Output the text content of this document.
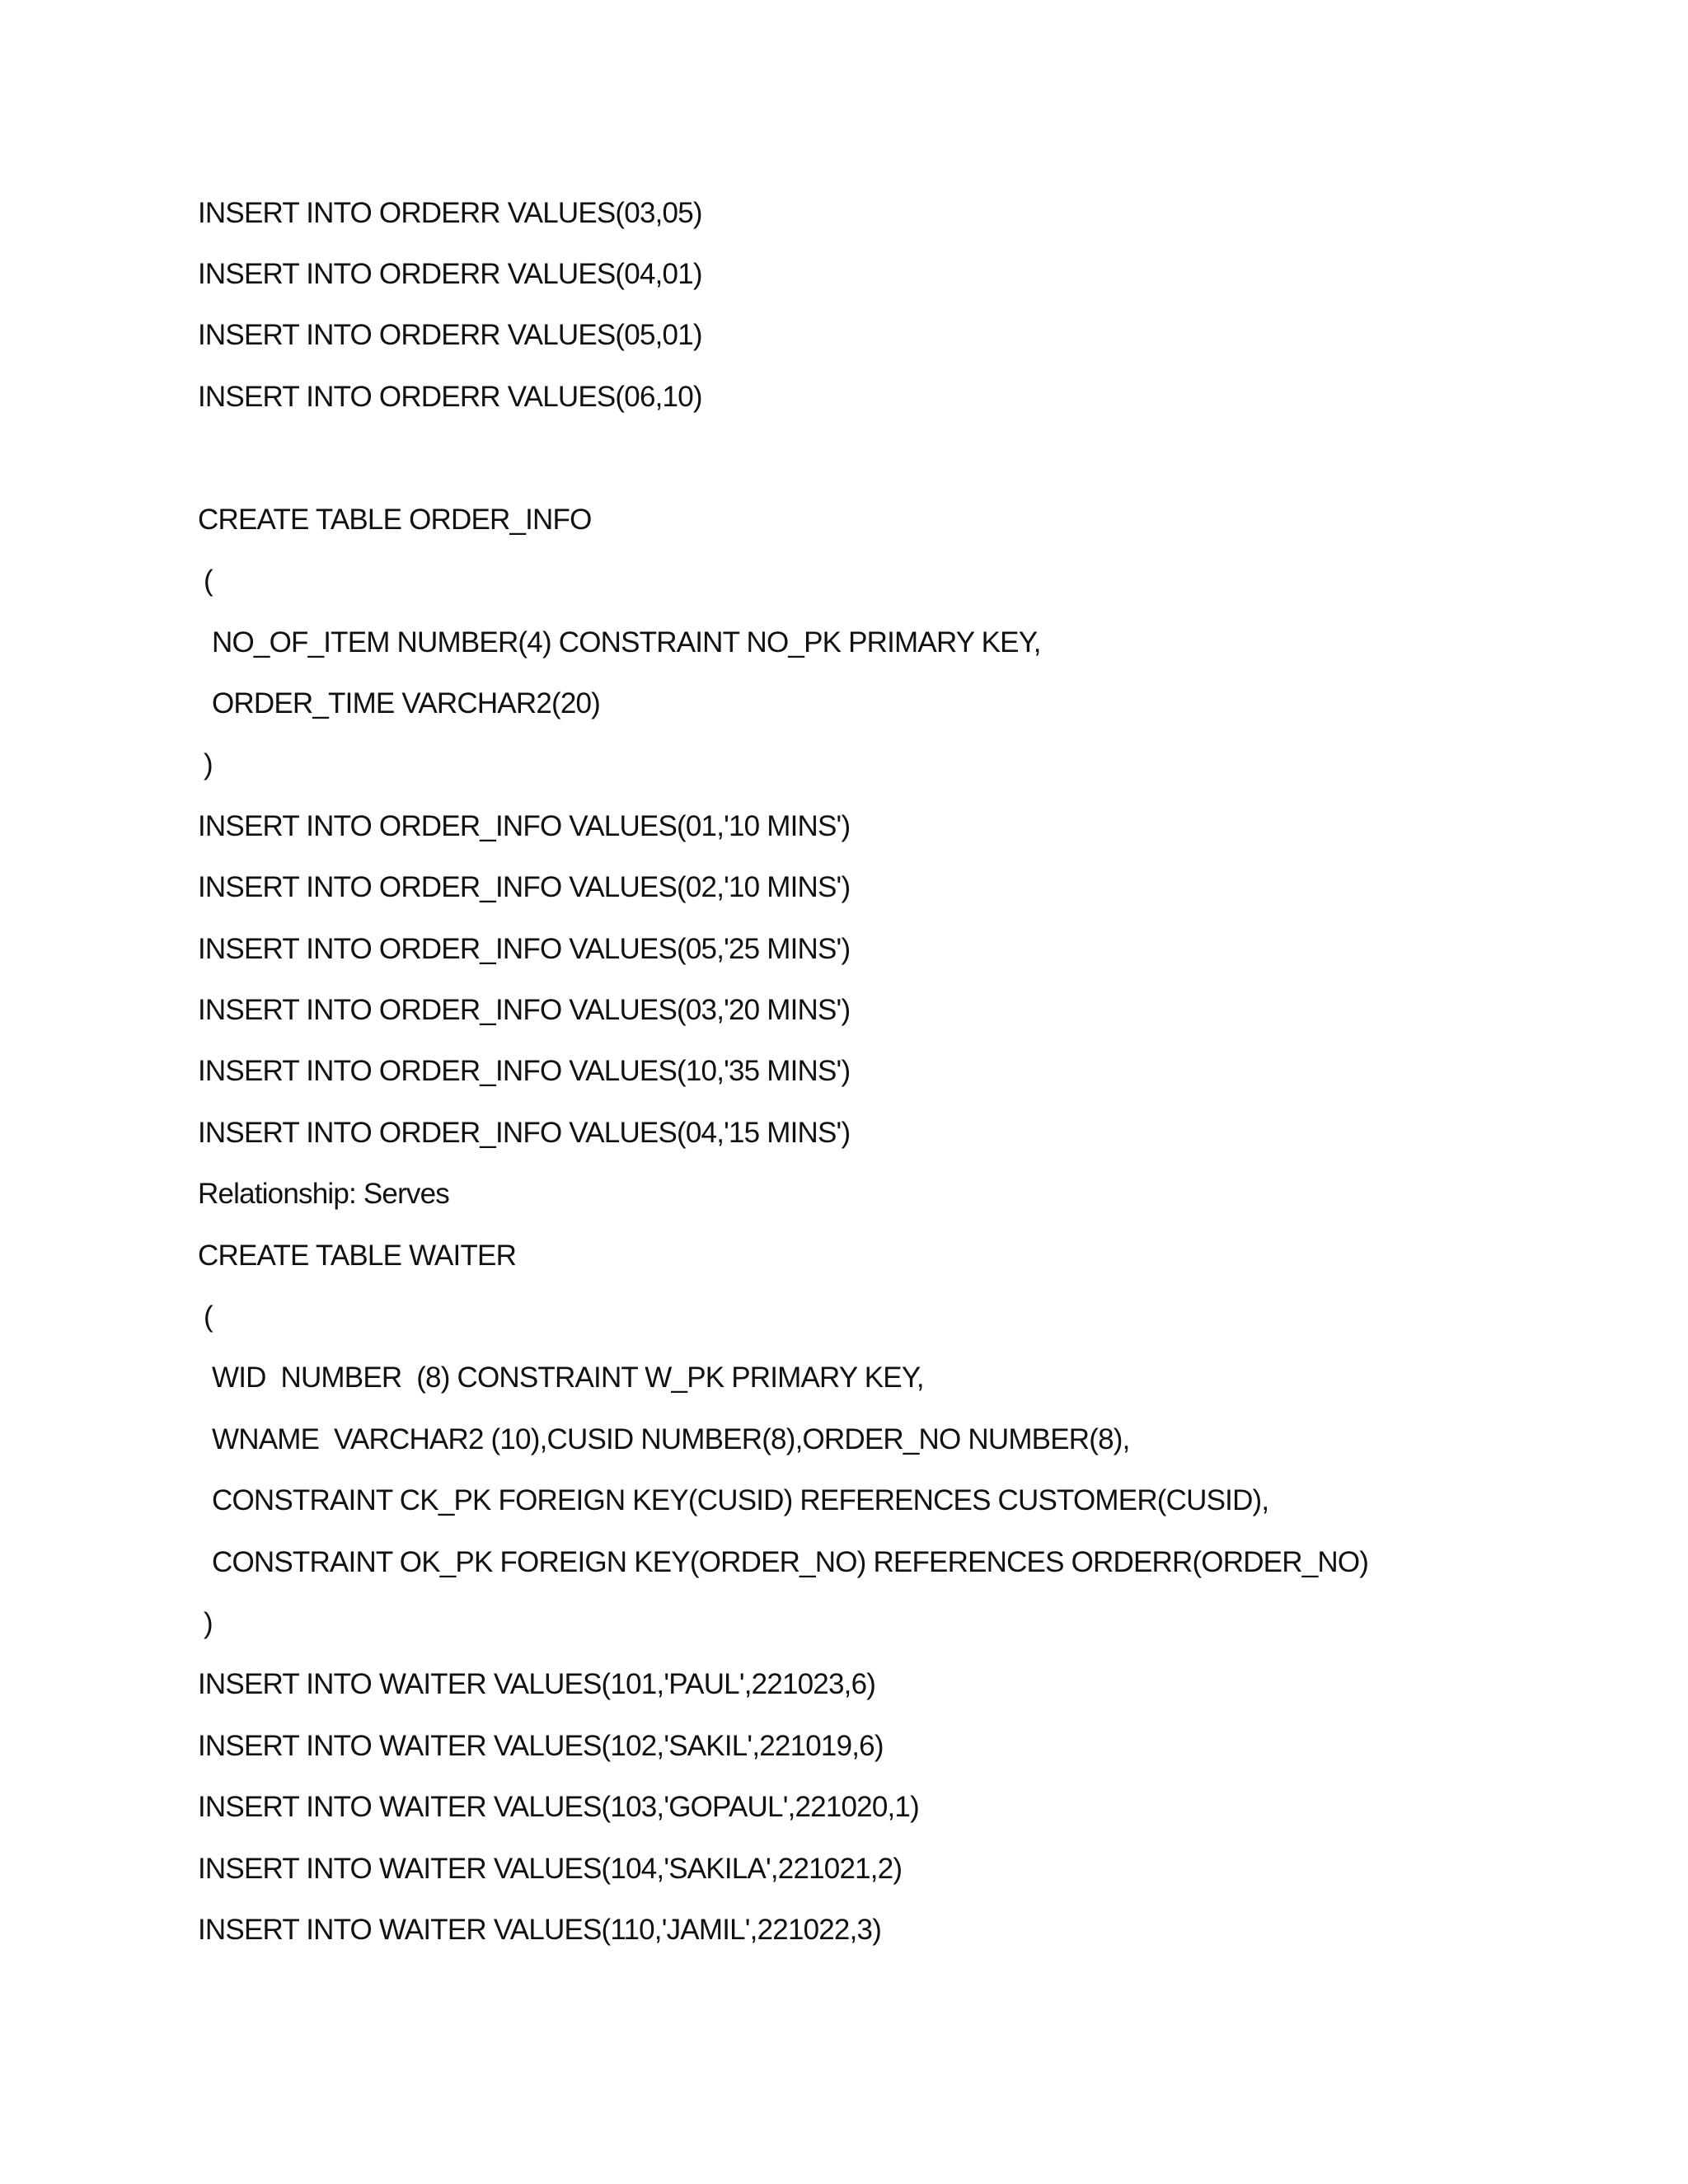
INSERT INTO ORDERR VALUES(03,05)
INSERT INTO ORDERR VALUES(04,01)
INSERT INTO ORDERR VALUES(05,01)
INSERT INTO ORDERR VALUES(06,10)
CREATE TABLE ORDER_INFO
(
NO_OF_ITEM NUMBER(4) CONSTRAINT NO_PK PRIMARY KEY,
ORDER_TIME VARCHAR2(20)
)
INSERT INTO ORDER_INFO VALUES(01,'10 MINS')
INSERT INTO ORDER_INFO VALUES(02,'10 MINS')
INSERT INTO ORDER_INFO VALUES(05,'25 MINS')
INSERT INTO ORDER_INFO VALUES(03,'20 MINS')
INSERT INTO ORDER_INFO VALUES(10,'35 MINS')
INSERT INTO ORDER_INFO VALUES(04,'15 MINS')
Relationship: Serves
CREATE TABLE WAITER
(
WID  NUMBER  (8) CONSTRAINT W_PK PRIMARY KEY,
WNAME  VARCHAR2 (10),CUSID NUMBER(8),ORDER_NO NUMBER(8),
CONSTRAINT CK_PK FOREIGN KEY(CUSID) REFERENCES CUSTOMER(CUSID),
CONSTRAINT OK_PK FOREIGN KEY(ORDER_NO) REFERENCES ORDERR(ORDER_NO)
)
INSERT INTO WAITER VALUES(101,'PAUL',221023,6)
INSERT INTO WAITER VALUES(102,'SAKIL',221019,6)
INSERT INTO WAITER VALUES(103,'GOPAUL',221020,1)
INSERT INTO WAITER VALUES(104,'SAKILA',221021,2)
INSERT INTO WAITER VALUES(110,'JAMIL',221022,3)
